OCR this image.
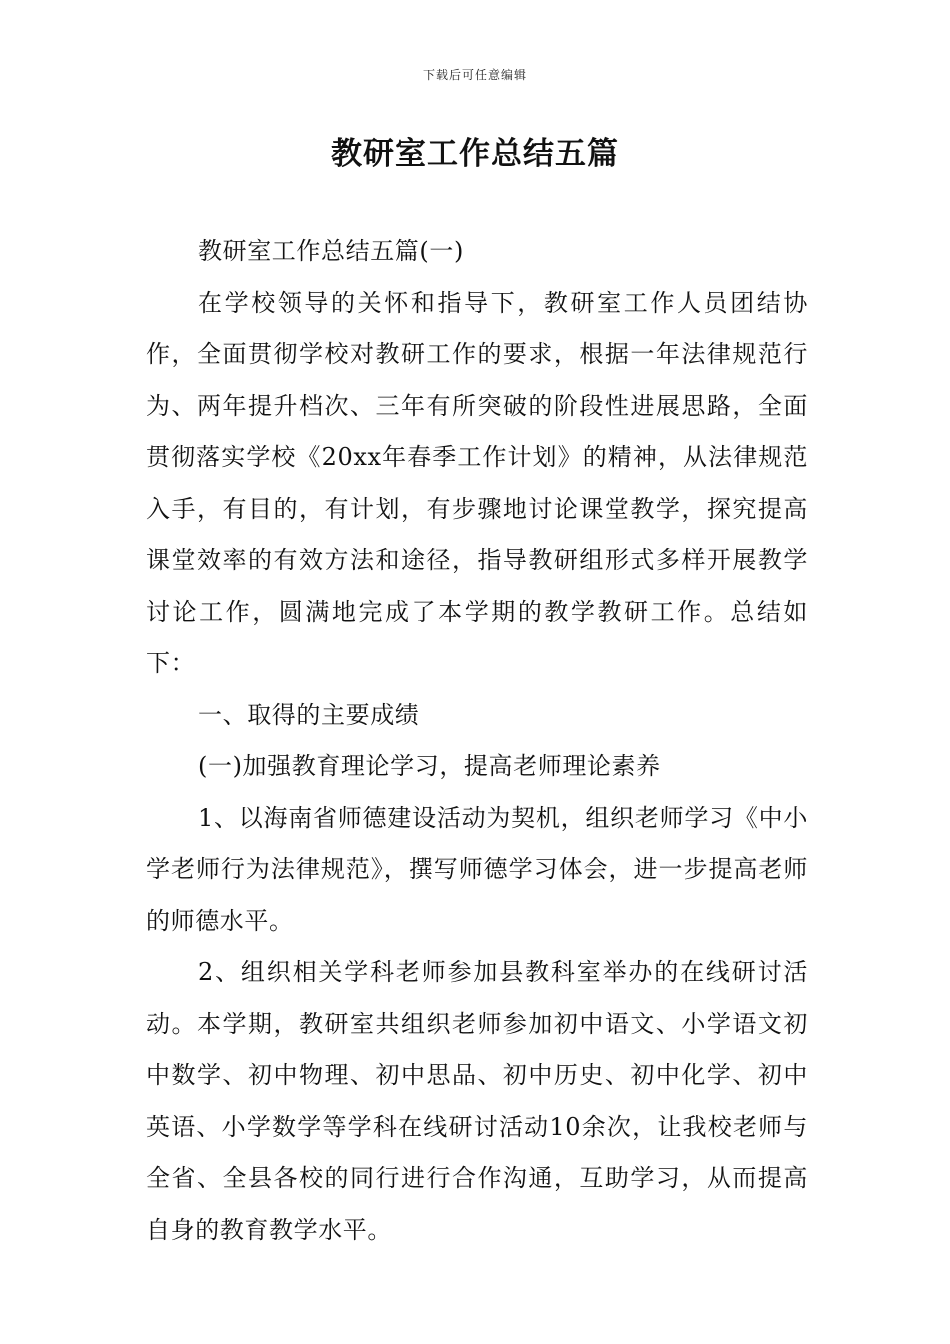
下载后可任意编辑
教研室工作总结五篇

教研室工作总结五篇(一)

在学校领导的关怀和指导下，教研室工作人员团结协作，全面贯彻学校对教研工作的要求，根据一年法律规范行为、两年提升档次、三年有所突破的阶段性进展思路，全面贯彻落实学校《20xx年春季工作计划》的精神，从法律规范入手，有目的，有计划，有步骤地讨论课堂教学，探究提高课堂效率的有效方法和途径，指导教研组形式多样开展教学讨论工作，圆满地完成了本学期的教学教研工作。总结如下：

一、取得的主要成绩

(一)加强教育理论学习，提高老师理论素养

1、以海南省师德建设活动为契机，组织老师学习《中小学老师行为法律规范》，撰写师德学习体会，进一步提高老师的师德水平。

2、组织相关学科老师参加县教科室举办的在线研讨活动。本学期，教研室共组织老师参加初中语文、小学语文初中数学、初中物理、初中思品、初中历史、初中化学、初中英语、小学数学等学科在线研讨活动10余次，让我校老师与全省、全县各校的同行进行合作沟通，互助学习，从而提高自身的教育教学水平。
